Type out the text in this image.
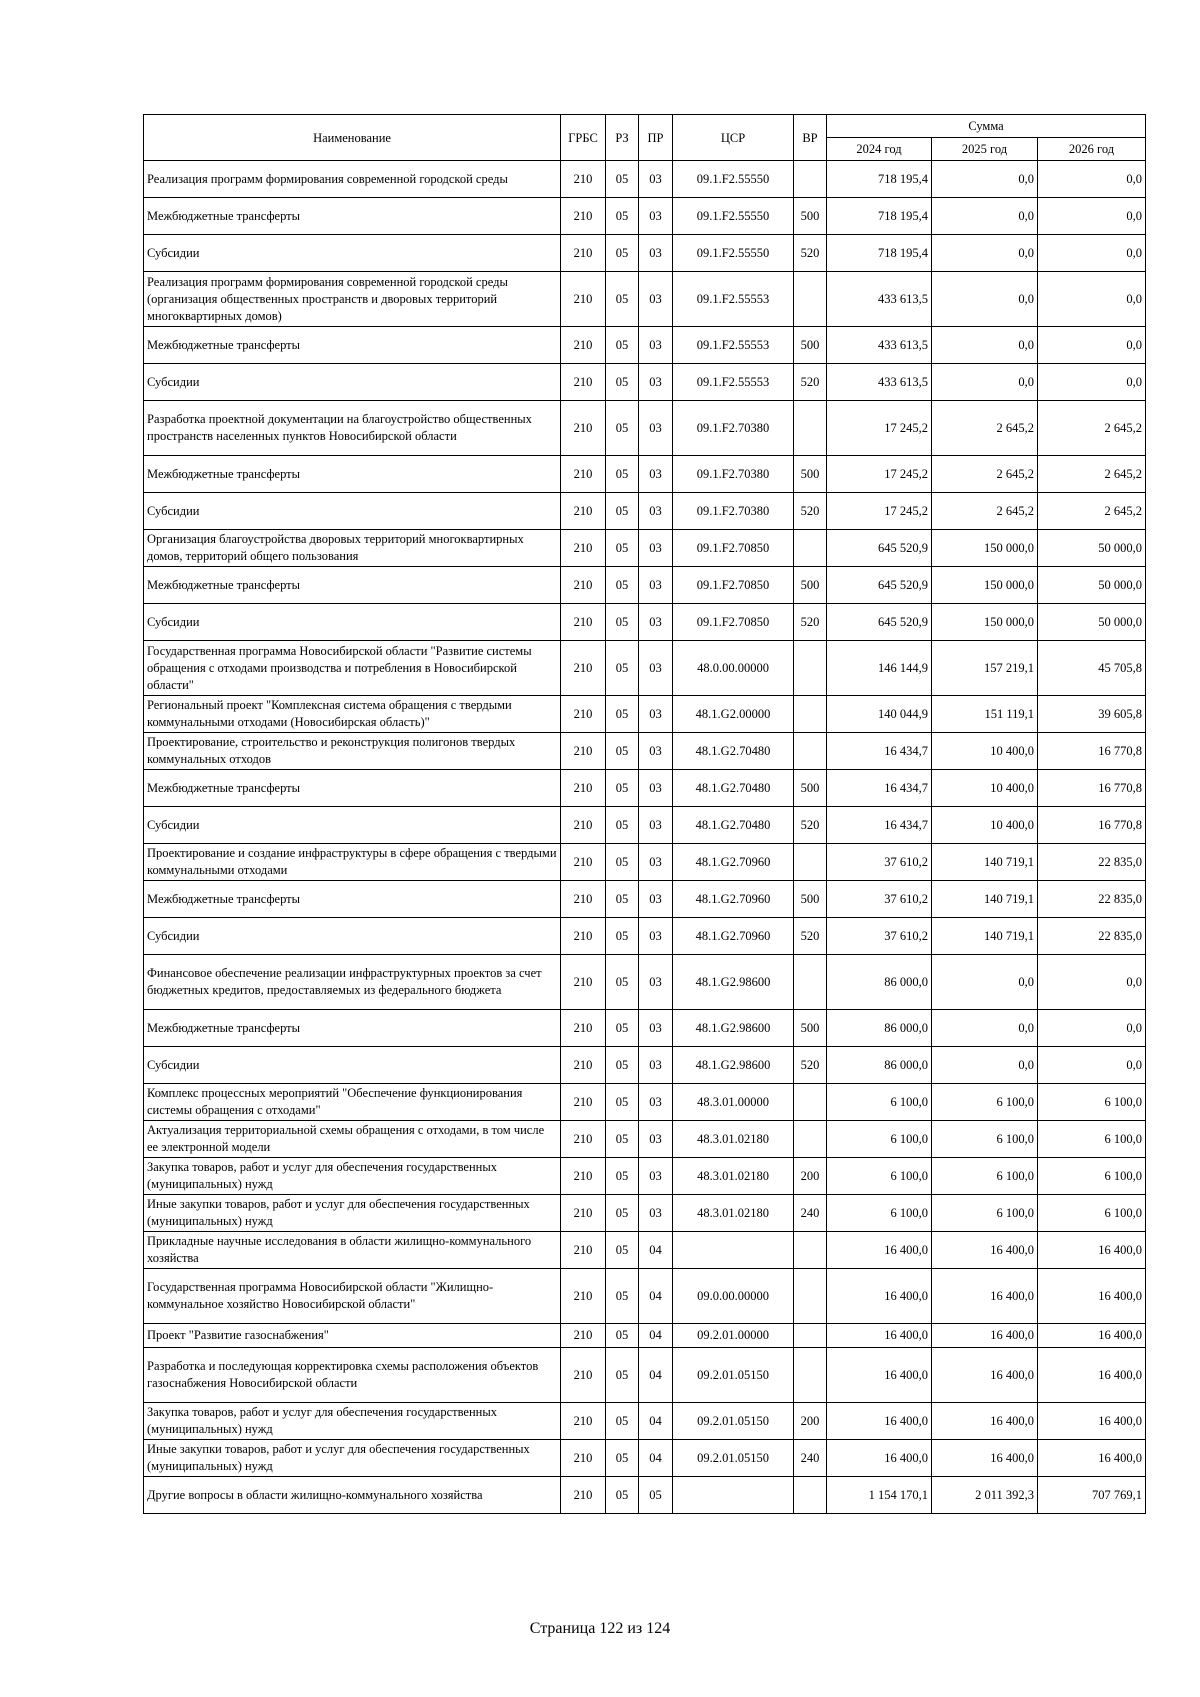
Наименование	ГРБС	РЗ	ПР	ЦСР	ВР	Сумма		
						2024 год	2025 год	2026 год
Реализация программ формирования современной городской среды	210	05	03	09.1.F2.55550		718 195,4	0,0	0,0
Межбюджетные трансферты	210	05	03	09.1.F2.55550	500	718 195,4	0,0	0,0
Субсидии	210	05	03	09.1.F2.55550	520	718 195,4	0,0	0,0
Реализация программ формирования современной городской среды (организация общественных пространств и дворовых территорий многоквартирных домов)	210	05	03	09.1.F2.55553		433 613,5	0,0	0,0
Межбюджетные трансферты	210	05	03	09.1.F2.55553	500	433 613,5	0,0	0,0
Субсидии	210	05	03	09.1.F2.55553	520	433 613,5	0,0	0,0
Разработка проектной документации на благоустройство общественных пространств населенных пунктов Новосибирской области	210	05	03	09.1.F2.70380		17 245,2	2 645,2	2 645,2
Межбюджетные трансферты	210	05	03	09.1.F2.70380	500	17 245,2	2 645,2	2 645,2
Субсидии	210	05	03	09.1.F2.70380	520	17 245,2	2 645,2	2 645,2
Организация благоустройства дворовых территорий многоквартирных домов, территорий общего пользования	210	05	03	09.1.F2.70850		645 520,9	150 000,0	50 000,0
Межбюджетные трансферты	210	05	03	09.1.F2.70850	500	645 520,9	150 000,0	50 000,0
Субсидии	210	05	03	09.1.F2.70850	520	645 520,9	150 000,0	50 000,0
Государственная программа Новосибирской области "Развитие системы обращения с отходами производства и потребления в Новосибирской области"	210	05	03	48.0.00.00000		146 144,9	157 219,1	45 705,8
Региональный проект "Комплексная система обращения с твердыми коммунальными отходами (Новосибирская область)"	210	05	03	48.1.G2.00000		140 044,9	151 119,1	39 605,8
Проектирование, строительство и реконструкция полигонов твердых коммунальных отходов	210	05	03	48.1.G2.70480		16 434,7	10 400,0	16 770,8
Межбюджетные трансферты	210	05	03	48.1.G2.70480	500	16 434,7	10 400,0	16 770,8
Субсидии	210	05	03	48.1.G2.70480	520	16 434,7	10 400,0	16 770,8
Проектирование и создание инфраструктуры в сфере обращения с твердыми коммунальными отходами	210	05	03	48.1.G2.70960		37 610,2	140 719,1	22 835,0
Межбюджетные трансферты	210	05	03	48.1.G2.70960	500	37 610,2	140 719,1	22 835,0
Субсидии	210	05	03	48.1.G2.70960	520	37 610,2	140 719,1	22 835,0
Финансовое обеспечение реализации инфраструктурных проектов за счет бюджетных кредитов, предоставляемых из федерального бюджета	210	05	03	48.1.G2.98600		86 000,0	0,0	0,0
Межбюджетные трансферты	210	05	03	48.1.G2.98600	500	86 000,0	0,0	0,0
Субсидии	210	05	03	48.1.G2.98600	520	86 000,0	0,0	0,0
Комплекс процессных мероприятий "Обеспечение функционирования системы обращения с отходами"	210	05	03	48.3.01.00000		6 100,0	6 100,0	6 100,0
Актуализация территориальной схемы обращения с отходами, в том числе ее электронной модели	210	05	03	48.3.01.02180		6 100,0	6 100,0	6 100,0
Закупка товаров, работ и услуг для обеспечения государственных (муниципальных) нужд	210	05	03	48.3.01.02180	200	6 100,0	6 100,0	6 100,0
Иные закупки товаров, работ и услуг для обеспечения государственных (муниципальных) нужд	210	05	03	48.3.01.02180	240	6 100,0	6 100,0	6 100,0
Прикладные научные исследования в области жилищно-коммунального хозяйства	210	05	04			16 400,0	16 400,0	16 400,0
Государственная программа Новосибирской области "Жилищно-коммунальное хозяйство Новосибирской области"	210	05	04	09.0.00.00000		16 400,0	16 400,0	16 400,0
Проект "Развитие газоснабжения"	210	05	04	09.2.01.00000		16 400,0	16 400,0	16 400,0
Разработка и последующая корректировка схемы расположения объектов газоснабжения Новосибирской области	210	05	04	09.2.01.05150		16 400,0	16 400,0	16 400,0
Закупка товаров, работ и услуг для обеспечения государственных (муниципальных) нужд	210	05	04	09.2.01.05150	200	16 400,0	16 400,0	16 400,0
Иные закупки товаров, работ и услуг для обеспечения государственных (муниципальных) нужд	210	05	04	09.2.01.05150	240	16 400,0	16 400,0	16 400,0
Другие вопросы в области жилищно-коммунального хозяйства	210	05	05			1 154 170,1	2 011 392,3	707 769,1
Страница 122 из 124
